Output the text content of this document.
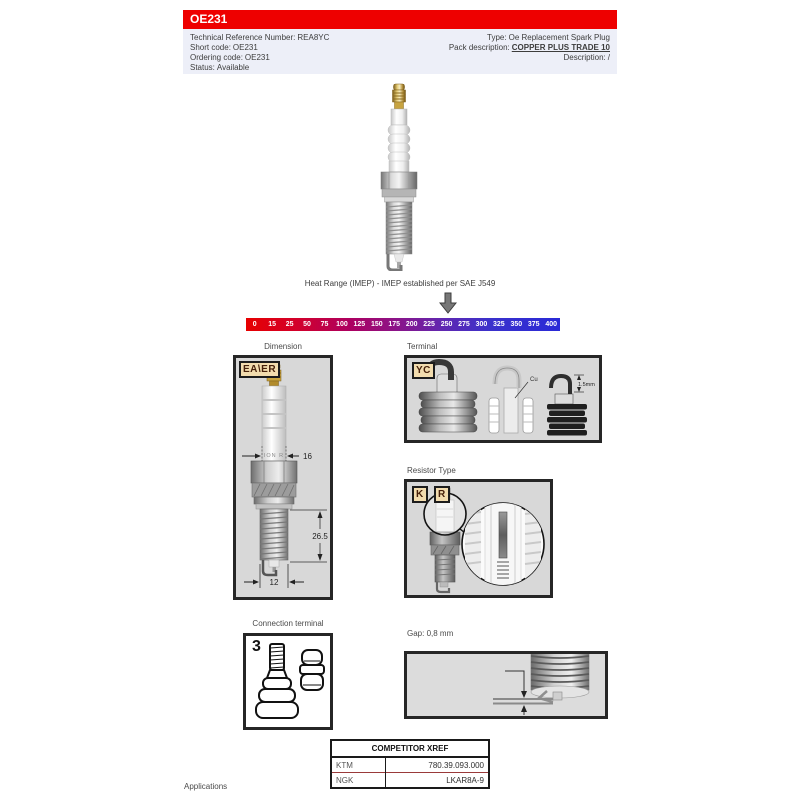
OE231
Technical Reference Number: REA8YC
Short code: OE231
Ordering code: OE231
Status: Available
Type: Oe Replacement Spark Plug
Pack description: COPPER PLUS TRADE 10
Description: /
Heat Range (IMEP) - IMEP established per SAE J549
0	15	25	50	75	100 125 150 175 200 225 250 275 300 325 350 375 400
Dimension
EA\ER
ION R 16
26.5
12
Terminal
YC
Cu
1.5mm
Resistor Type
K	R
Connection terminal
3
Gap: 0,8 mm
COMPETITOR XREF	
KTM	780.39.093.000
NGK	LKAR8A-9
Applications
